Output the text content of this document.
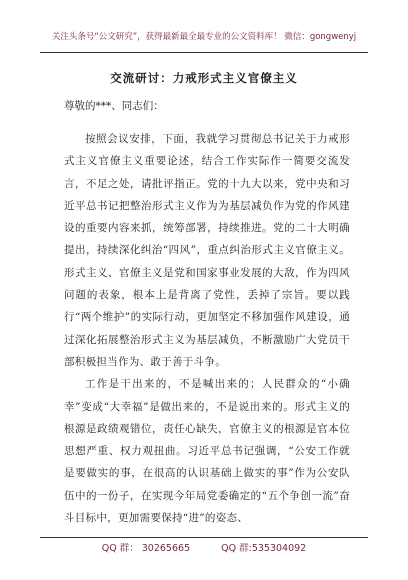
关注头条号“公文研究”，获得最新最全最专业的公文资料库！ 微信：gongwenyj
交流研讨：力戒形式主义官僚主义
尊敬的***、同志们：

按照会议安排，下面，我就学习贯彻总书记关于力戒形式主义官僚主义重要论述，结合工作实际作一简要交流发言，不足之处，请批评指正。党的十九大以来，党中央和习近平总书记把整治形式主义作为为基层减负作为党的作风建设的重要内容来抓，统筹部署，持续推进。党的二十大明确提出，持续深化纠治“四风”，重点纠治形式主义官僚主义。形式主义、官僚主义是党和国家事业发展的大敌，作为四风问题的表象，根本上是背离了党性，丢掉了宗旨。要以践行“两个维护”的实际行动，更加坚定不移加强作风建设，通过深化拓展整治形式主义为基层减负，不断激励广大党员干部积极担当作为、敢于善于斗争。

工作是干出来的，不是喊出来的；人民群众的“小确幸”变成“大幸福”是做出来的，不是说出来的。形式主义的根源是政绩观错位，责任心缺失，官僚主义的根源是官本位思想严重、权力观扭曲。习近平总书记强调，“公安工作就是要做实的事，在很高的认识基础上做实的事”作为公安队伍中的一份子，在实现今年局党委确定的“五个争创一流”奋斗目标中，更加需要保持“进”的姿态、

QQ 群： 30265665	QQ 群:535304092
